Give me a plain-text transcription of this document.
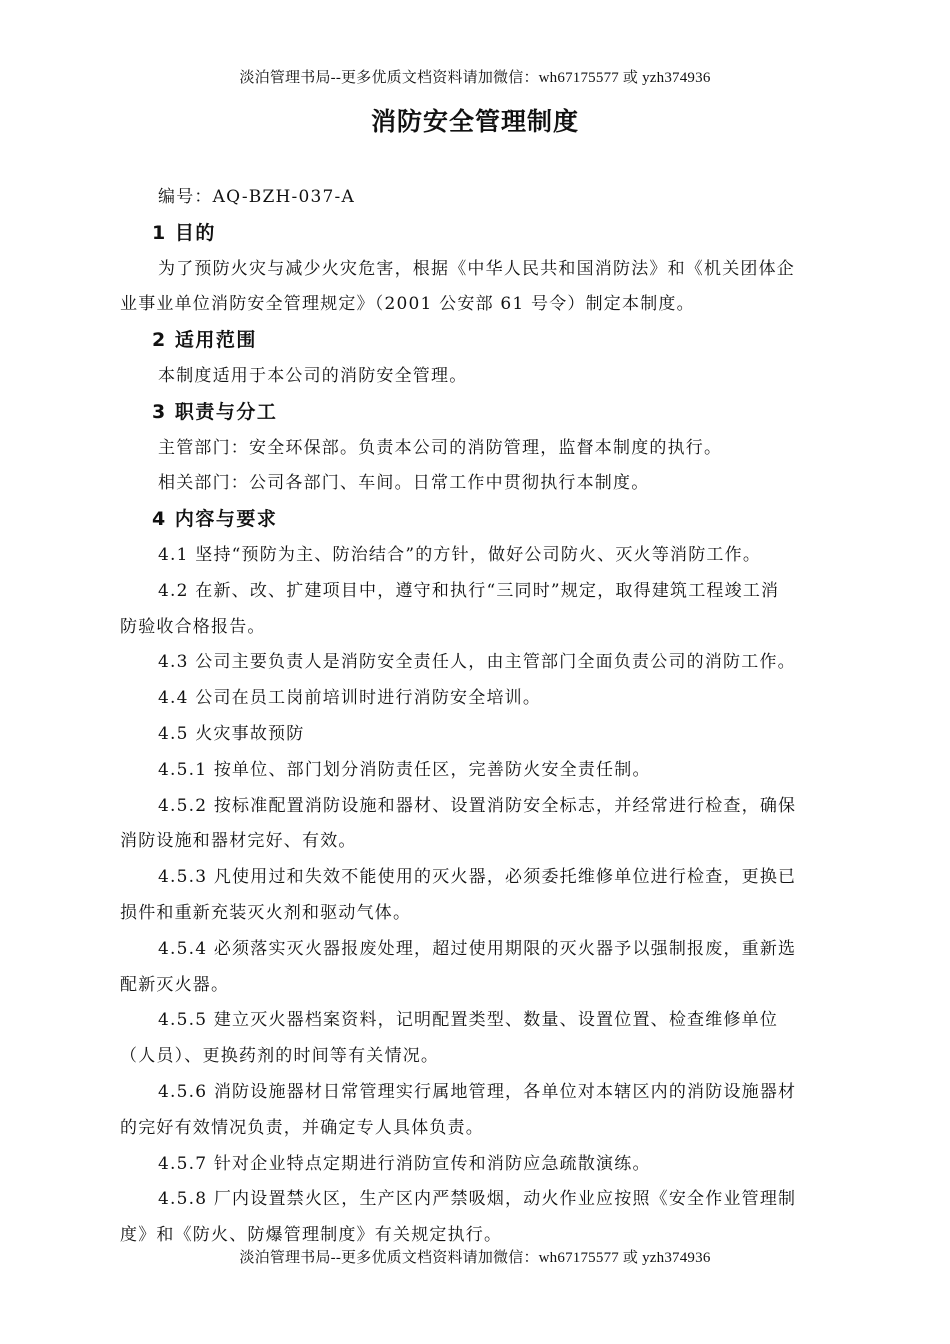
淡泊管理书局--更多优质文档资料请加微信：wh67175577 或 yzh374936
消防安全管理制度
编号：AQ-BZH-037-A
1 目的
为了预防火灾与减少火灾危害，根据《中华人民共和国消防法》和《机关团体企
业事业单位消防安全管理规定》（2001 公安部 61 号令）制定本制度。
2 适用范围
本制度适用于本公司的消防安全管理。
3 职责与分工
主管部门：安全环保部。负责本公司的消防管理，监督本制度的执行。
相关部门：公司各部门、车间。日常工作中贯彻执行本制度。
4 内容与要求
4.1 坚持“预防为主、防治结合”的方针，做好公司防火、灭火等消防工作。
4.2 在新、改、扩建项目中，遵守和执行“三同时”规定，取得建筑工程竣工消
防验收合格报告。
4.3 公司主要负责人是消防安全责任人，由主管部门全面负责公司的消防工作。
4.4 公司在员工岗前培训时进行消防安全培训。
4.5 火灾事故预防
4.5.1 按单位、部门划分消防责任区，完善防火安全责任制。
4.5.2 按标准配置消防设施和器材、设置消防安全标志，并经常进行检查，确保
消防设施和器材完好、有效。
4.5.3 凡使用过和失效不能使用的灭火器，必须委托维修单位进行检查，更换已
损件和重新充装灭火剂和驱动气体。
4.5.4 必须落实灭火器报废处理，超过使用期限的灭火器予以强制报废，重新选
配新灭火器。
4.5.5 建立灭火器档案资料，记明配置类型、数量、设置位置、检查维修单位
（人员）、更换药剂的时间等有关情况。
4.5.6 消防设施器材日常管理实行属地管理，各单位对本辖区内的消防设施器材
的完好有效情况负责，并确定专人具体负责。
4.5.7 针对企业特点定期进行消防宣传和消防应急疏散演练。
4.5.8 厂内设置禁火区，生产区内严禁吸烟，动火作业应按照《安全作业管理制
度》和《防火、防爆管理制度》有关规定执行。
淡泊管理书局--更多优质文档资料请加微信：wh67175577 或 yzh374936
